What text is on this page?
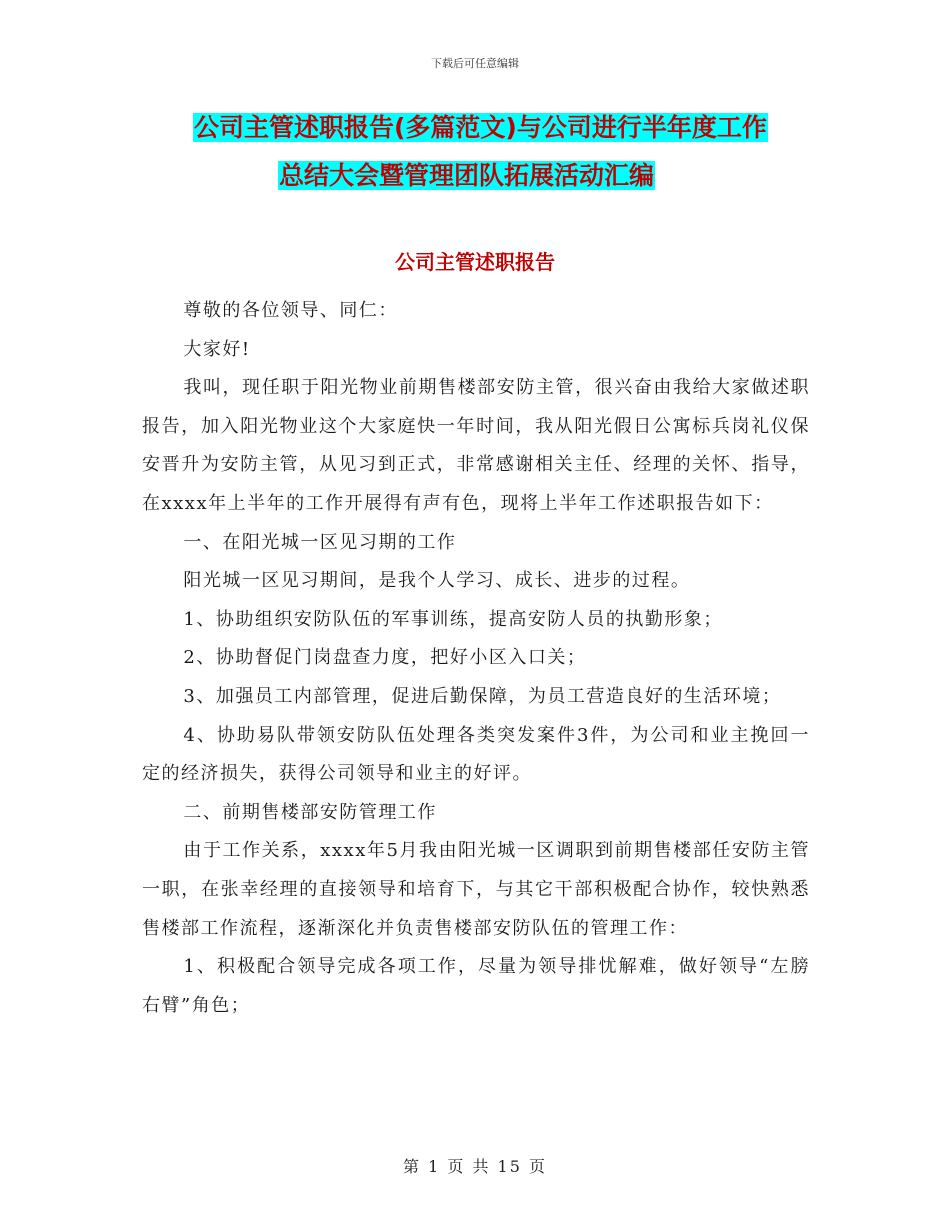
下载后可任意编辑
公司主管述职报告(多篇范文)与公司进行半年度工作
总结大会暨管理团队拓展活动汇编
公司主管述职报告

尊敬的各位领导、同仁：

大家好!

我叫，现任职于阳光物业前期售楼部安防主管，很兴奋由我给大家做述职报告，加入阳光物业这个大家庭快一年时间，我从阳光假日公寓标兵岗礼仪保安晋升为安防主管，从见习到正式，非常感谢相关主任、经理的关怀、指导，在xxxx年上半年的工作开展得有声有色，现将上半年工作述职报告如下：

一、在阳光城一区见习期的工作

阳光城一区见习期间，是我个人学习、成长、进步的过程。

1、协助组织安防队伍的军事训练，提高安防人员的执勤形象；

2、协助督促门岗盘查力度，把好小区入口关；

3、加强员工内部管理，促进后勤保障，为员工营造良好的生活环境；

4、协助易队带领安防队伍处理各类突发案件3件，为公司和业主挽回一定的经济损失，获得公司领导和业主的好评。

二、前期售楼部安防管理工作

由于工作关系，xxxx年5月我由阳光城一区调职到前期售楼部任安防主管一职，在张幸经理的直接领导和培育下，与其它干部积极配合协作，较快熟悉售楼部工作流程，逐渐深化并负责售楼部安防队伍的管理工作：

1、积极配合领导完成各项工作，尽量为领导排忧解难，做好领导“左膀右臂”角色；

第 1 页 共 15 页
